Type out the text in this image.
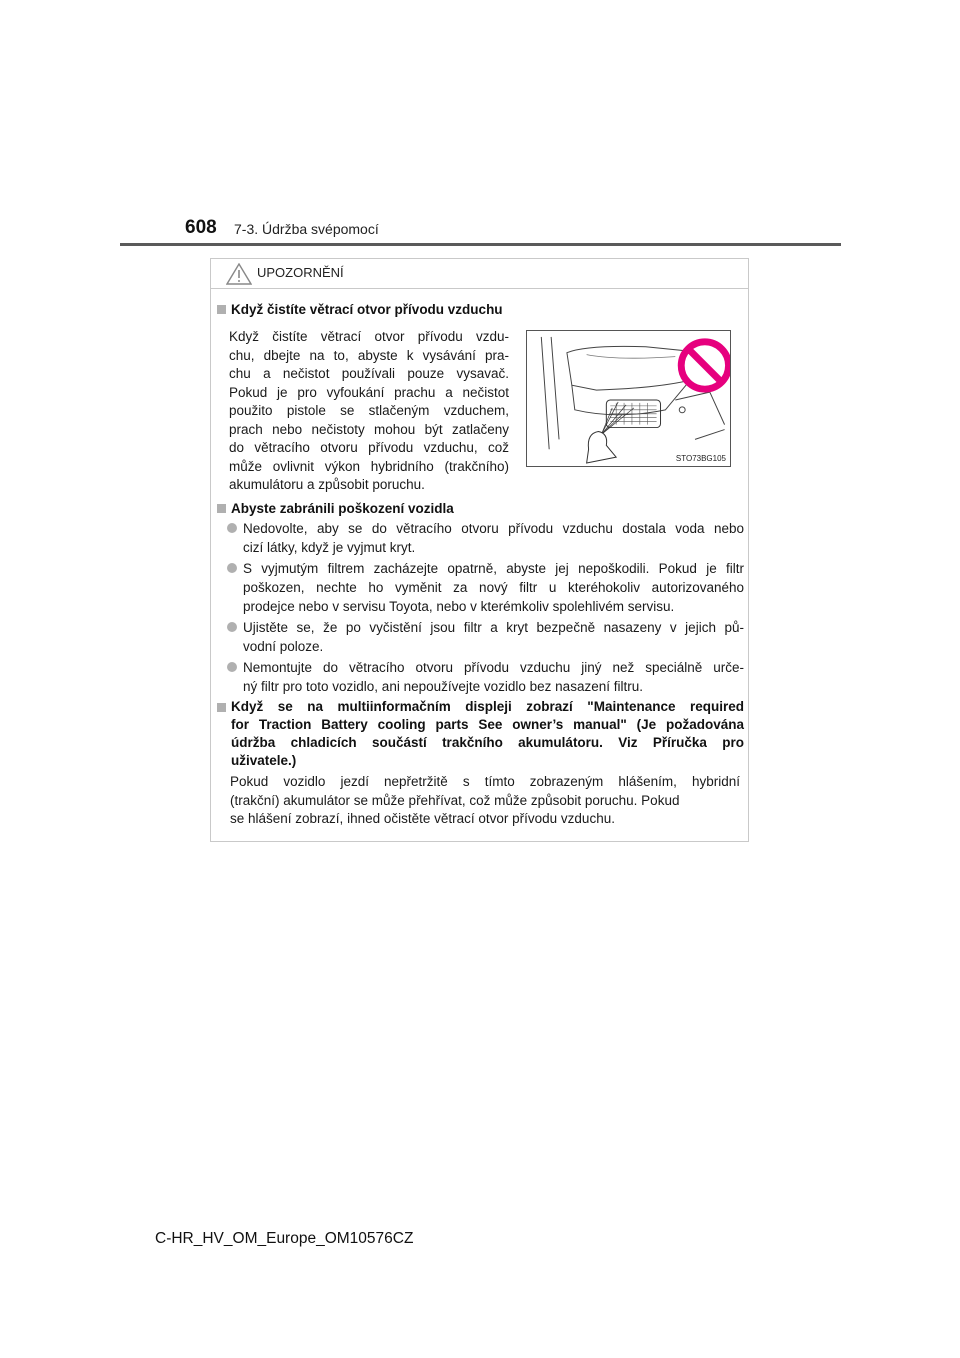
608 7-3. Údržba svépomocí
UPOZORNĚNÍ
Když čistíte větrací otvor přívodu vzduchu
Když čistíte větrací otvor přívodu vzdu-
chu, dbejte na to, abyste k vysávání pra-
chu a nečistot používali pouze vysavač.
Pokud je pro vyfoukání prachu a nečistot
použito pistole se stlačeným vzduchem,
prach nebo nečistoty mohou být zatlačeny
do větracího otvoru přívodu vzduchu, což
může ovlivnit výkon hybridního (trakčního)
akumulátoru a způsobit poruchu.
STO73BG105
Abyste zabránili poškození vozidla
Nedovolte, aby se do větracího otvoru přívodu vzduchu dostala voda nebo
cizí látky, když je vyjmut kryt.
S vyjmutým filtrem zacházejte opatrně, abyste jej nepoškodili. Pokud je filtr
poškozen, nechte ho vyměnit za nový filtr u kteréhokoliv autorizovaného
prodejce nebo v servisu Toyota, nebo v kterémkoliv spolehlivém servisu.
Ujistěte se, že po vyčistění jsou filtr a kryt bezpečně nasazeny v jejich pů-
vodní poloze.
Nemontujte do větracího otvoru přívodu vzduchu jiný než speciálně urče-
ný filtr pro toto vozidlo, ani nepoužívejte vozidlo bez nasazení filtru.
Když se na multiinformačním displeji zobrazí "Maintenance required
for Traction Battery cooling parts See owner’s manual" (Je požadována
údržba chladicích součástí trakčního akumulátoru. Viz Příručka pro
uživatele.)
Pokud vozidlo jezdí nepřetržitě s tímto zobrazeným hlášením, hybridní
(trakční) akumulátor se může přehřívat, což může způsobit poruchu. Pokud
se hlášení zobrazí, ihned očistěte větrací otvor přívodu vzduchu.
C-HR_HV_OM_Europe_OM10576CZ
